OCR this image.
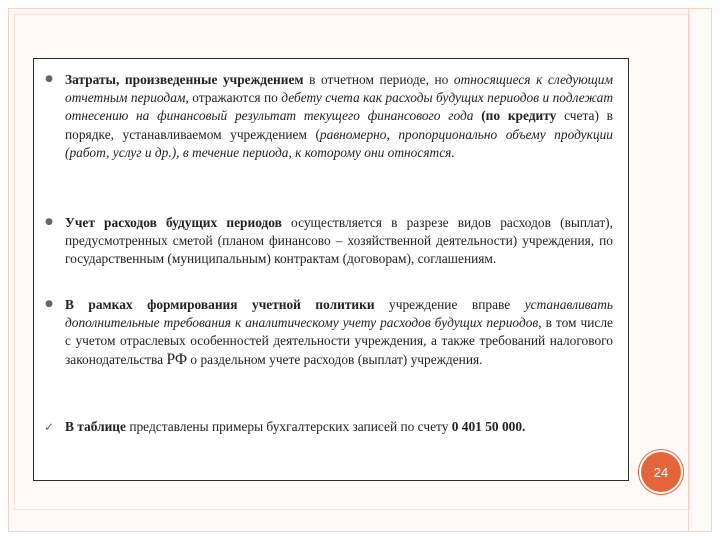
● Затраты, произведенные учреждением в отчетном периоде, но относящиеся к следующим отчетным периодам, отражаются по дебету счета как расходы будущих периодов и подлежат отнесению на финансовый результат текущего финансового года (по кредиту счета) в порядке, устанавливаемом учреждением (равномерно, пропорционально объему продукции (работ, услуг и др.), в течение периода, к которому они относятся.

● Учет расходов будущих периодов осуществляется в разрезе видов расходов (выплат), предусмотренных сметой (планом финансово – хозяйственной деятельности) учреждения, по государственным (муниципальным) контрактам (договорам), соглашениям.

● В рамках формирования учетной политики учреждение вправе устанавливать дополнительные требования к аналитическому учету расходов будущих периодов, в том числе с учетом отраслевых особенностей деятельности учреждения, а также требований налогового законодательства РФ о раздельном учете расходов (выплат) учреждения.

✓ В таблице представлены примеры бухгалтерских записей по счету 0 401 50 000.

24
